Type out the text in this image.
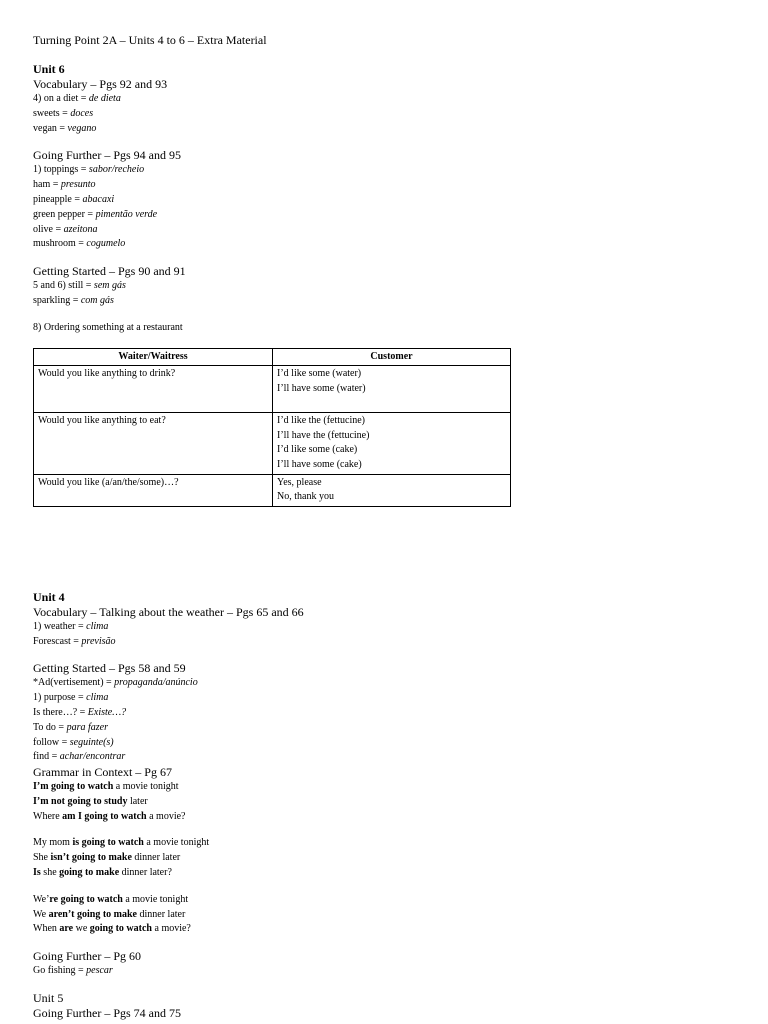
Turning Point 2A – Units 4 to 6 – Extra Material
Unit 6
Vocabulary – Pgs 92 and 93
4) on a diet = de dieta
sweets = doces
vegan = vegano
Going Further – Pgs 94 and 95
1) toppings = sabor/recheio
ham = presunto
pineapple = abacaxi
green pepper = pimentão verde
olive = azeitona
mushroom = cogumelo
Getting Started – Pgs 90 and 91
5 and 6) still = sem gás
sparkling = com gás
8) Ordering something at a restaurant
Waiter/Waitress	Customer
Would you like anything to drink?	I’d like some (water)
I’ll have some (water)

Would you like anything to eat?	I’d like the (fettucine)
I’ll have the (fettucine)
I’d like some (cake)
I’ll have some (cake)

Would you like (a/an/the/some)…?	Yes, please
No, thank you
Unit 4
Vocabulary – Talking about the weather – Pgs 65 and 66
1) weather = clima
Forescast = previsão
Getting Started – Pgs 58 and 59
*Ad(vertisement) = propaganda/anúncio
1) purpose = clima
Is there…? = Existe…?
To do = para fazer
follow = seguinte(s)
find = achar/encontrar
Grammar in Context – Pg 67
I’m going to watch a movie tonight
I’m not going to study later
Where am I going to watch a movie?
My mom is going to watch a movie tonight
She isn’t going to make dinner later
Is she going to make dinner later?
We’re going to watch a movie tonight
We aren’t going to make dinner later
When are we going to watch a movie?
Going Further – Pg 60
Go fishing = pescar
Unit 5
Going Further – Pgs 74 and 75
